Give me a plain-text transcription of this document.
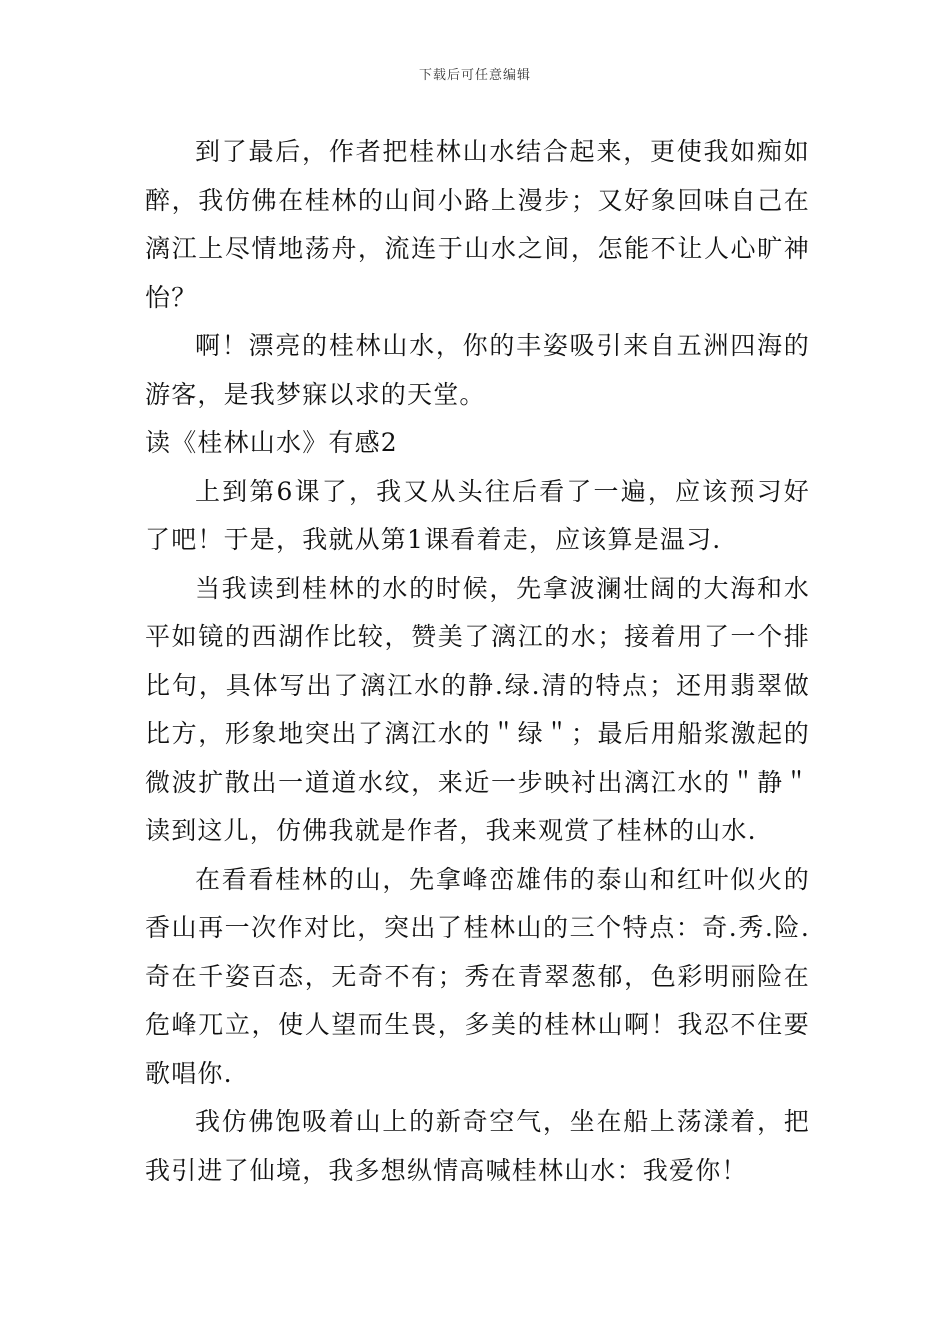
下载后可任意编辑

到了最后，作者把桂林山水结合起来，更使我如痴如醉，我仿佛在桂林的山间小路上漫步；又好象回味自己在漓江上尽情地荡舟，流连于山水之间，怎能不让人心旷神怡？

啊！漂亮的桂林山水，你的丰姿吸引来自五洲四海的游客，是我梦寐以求的天堂。

读《桂林山水》有感2

上到第6课了，我又从头往后看了一遍，应该预习好了吧！于是，我就从第1课看着走，应该算是温习.

当我读到桂林的水的时候，先拿波澜壮阔的大海和水平如镜的西湖作比较，赞美了漓江的水；接着用了一个排比句，具体写出了漓江水的静.绿.清的特点；还用翡翠做比方，形象地突出了漓江水的＂绿＂；最后用船浆激起的微波扩散出一道道水纹，来近一步映衬出漓江水的＂静＂读到这儿，仿佛我就是作者，我来观赏了桂林的山水.

在看看桂林的山，先拿峰峦雄伟的泰山和红叶似火的香山再一次作对比，突出了桂林山的三个特点：奇.秀.险.奇在千姿百态，无奇不有；秀在青翠葱郁，色彩明丽险在危峰兀立，使人望而生畏，多美的桂林山啊！我忍不住要歌唱你.

我仿佛饱吸着山上的新奇空气，坐在船上荡漾着，把我引进了仙境，我多想纵情高喊桂林山水：我爱你！
